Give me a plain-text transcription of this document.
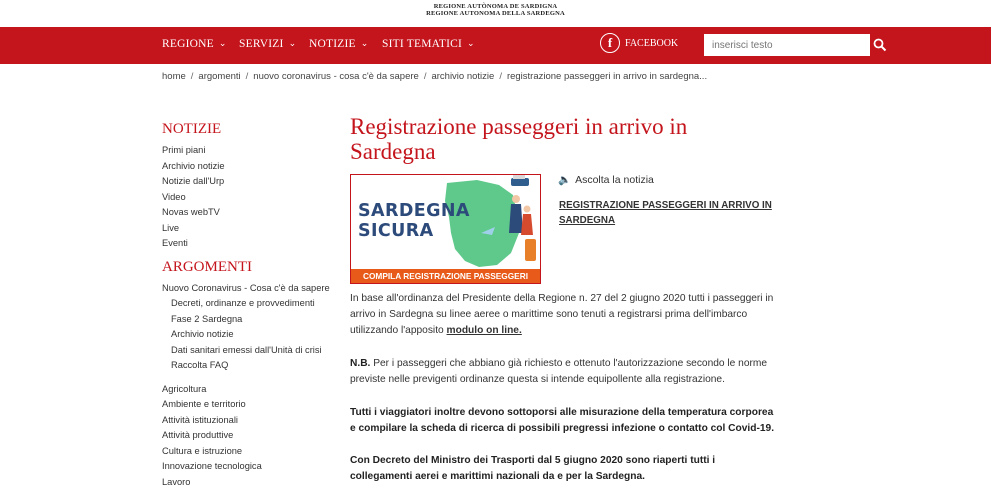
REGIONE AUTÒNOMA DE SARDIGNA
REGIONE AUTONOMA DELLA SARDEGNA
REGIONE ⌄ SERVIZI ⌄ NOTIZIE ⌄ SITI TEMATICI ⌄	f	FACEBOOK
inserisci testo
home / argomenti / nuovo coronavirus - cosa c'è da sapere / archivio notizie / registrazione passeggeri in arrivo in sardegna...
NOTIZIE
Primi piani
Archivio notizie
Notizie dall'Urp
Video
Novas webTV
Live
Eventi
ARGOMENTI
Nuovo Coronavirus - Cosa c'è da sapere
Decreti, ordinanze e provvedimenti
Fase 2 Sardegna
Archivio notizie
Dati sanitari emessi dall'Unità di crisi
Raccolta FAQ
Agricoltura
Ambiente e territorio
Attività istituzionali
Attività produttive
Cultura e istruzione
Innovazione tecnologica
Lavoro
Registrazione passeggeri in arrivo in Sardegna
SARDEGNA
SICURA
COMPILA REGISTRAZIONE PASSEGGERI
🔈 Ascolta la notizia
REGISTRAZIONE PASSEGGERI IN ARRIVO IN SARDEGNA
In base all'ordinanza del Presidente della Regione n. 27 del 2 giugno 2020 tutti i passeggeri in arrivo in Sardegna su linee aeree o marittime sono tenuti a registrarsi prima dell'imbarco utilizzando l'apposito modulo on line.
N.B. Per i passeggeri che abbiano già richiesto e ottenuto l'autorizzazione secondo le norme previste nelle previgenti ordinanze questa si intende equipollente alla registrazione.
Tutti i viaggiatori inoltre devono sottoporsi alle misurazione della temperatura corporea e compilare la scheda di ricerca di possibili pregressi infezione o contatto col Covid-19.
Con Decreto del Ministro dei Trasporti dal 5 giugno 2020 sono riaperti tutti i collegamenti aerei e marittimi nazionali da e per la Sardegna.
